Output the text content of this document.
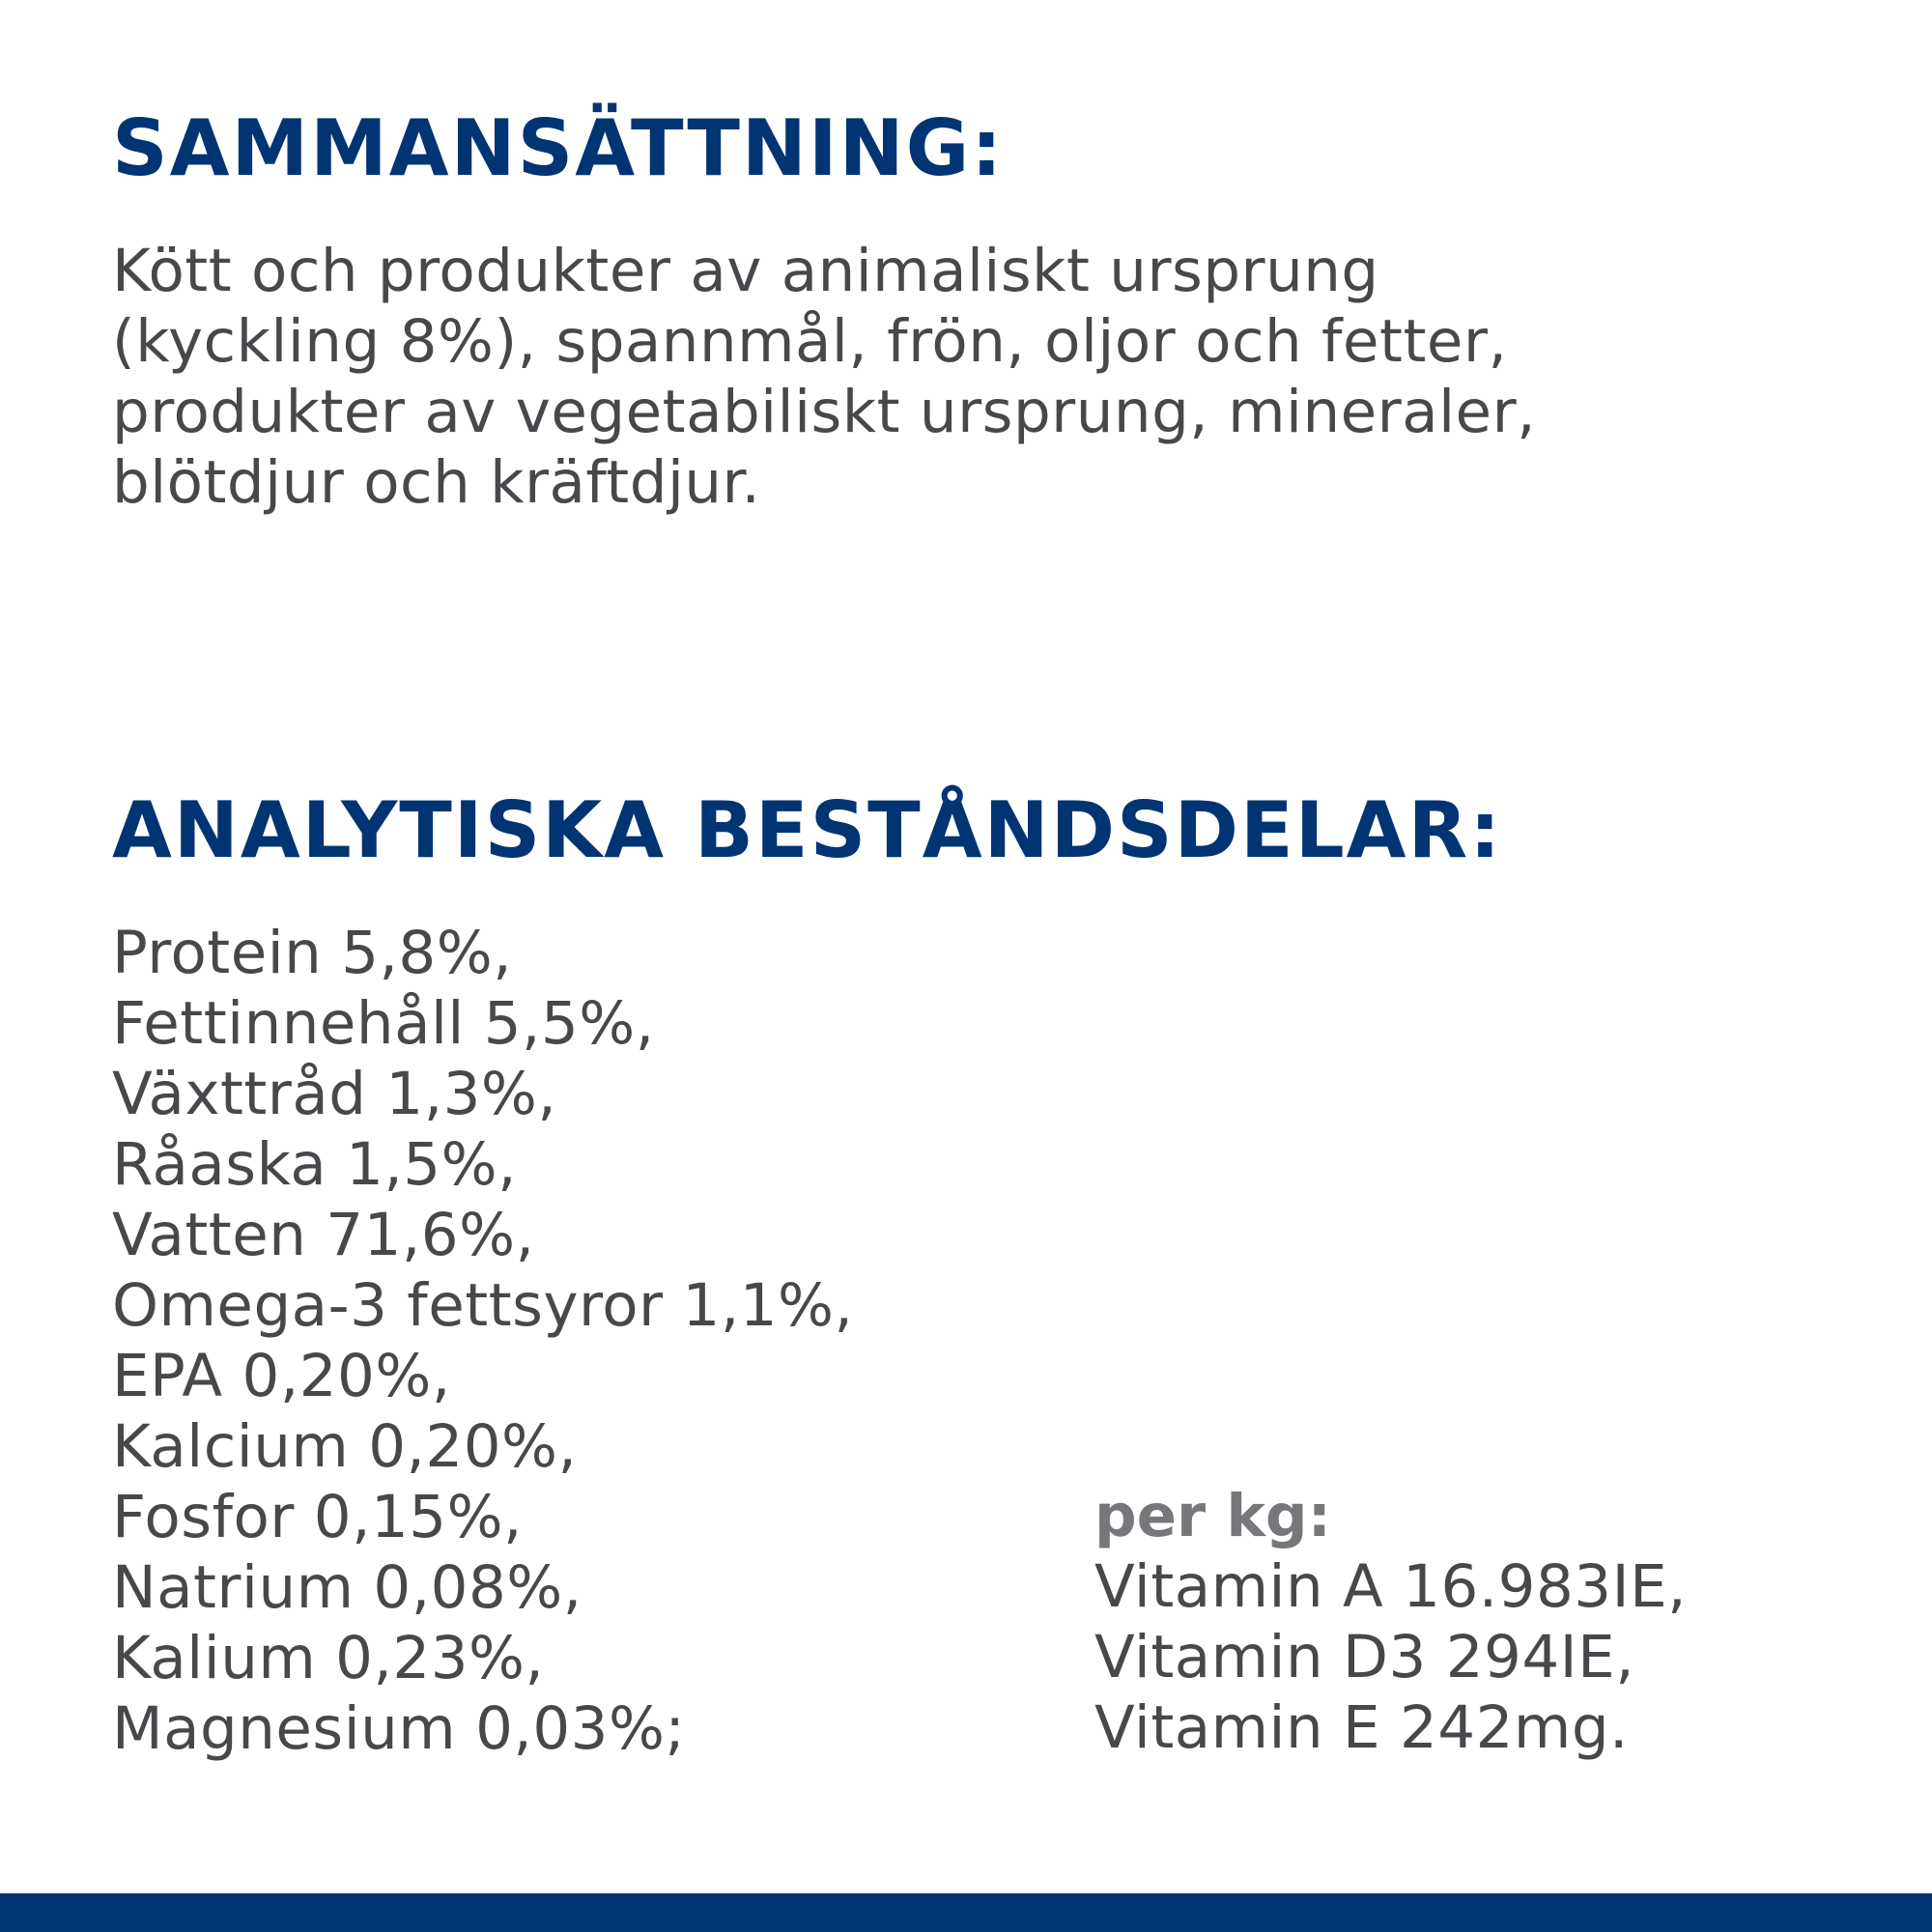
SAMMANSÄTTNING:

Kött och produkter av animaliskt ursprung
(kyckling 8%), spannmål, frön, oljor och fetter,
produkter av vegetabiliskt ursprung, mineraler,
blötdjur och kräftdjur.

ANALYTISKA BESTÅNDSDELAR:
Protein 5,8%,
Fettinnehåll 5,5%,
Växttråd 1,3%,
Råaska 1,5%,
Vatten 71,6%,
Omega-3 fettsyror 1,1%,
EPA 0,20%,
Kalcium 0,20%,
Fosfor 0,15%,
Natrium 0,08%,
Kalium 0,23%,
Magnesium 0,03%;
per kg:
Vitamin A 16.983IE,
Vitamin D3 294IE,
Vitamin E 242mg.
